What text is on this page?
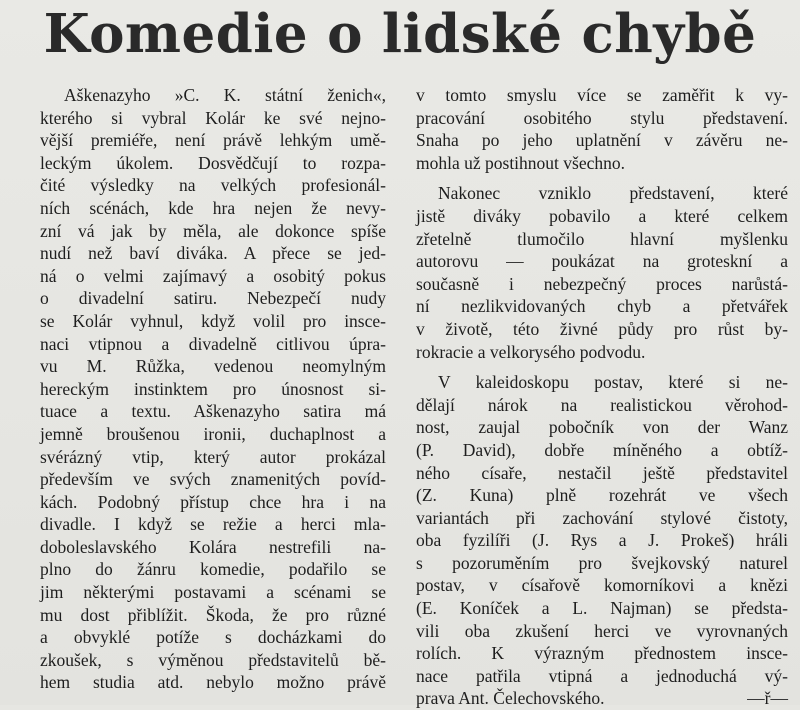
Komedie o lidské chybě

Aškenazyho »C. K. státní ženich«,
kterého si vybral Kolár ke své nejno-
vější premiéře, není právě lehkým umě-
leckým úkolem. Dosvědčují to rozpa-
čité výsledky na velkých profesionál-
ních scénách, kde hra nejen že nevy-
zní vá jak by měla, ale dokonce spíše
nudí než baví diváka. A přece se jed-
ná o velmi zajímavý a osobitý pokus
o divadelní satiru. Nebezpečí nudy
se Kolár vyhnul, když volil pro inscе-
naci vtipnou a divadelně citlivou úpra-
vu M. Růžka, vedenou neomylným
hereckým instinktem pro únosnost si-
tuace a textu. Aškenazyho satira má
jemně broušenou ironii, duchaplnost a
svérázný vtip, který autor prokázal
především ve svých znamenitých povíd-
kách. Podobný přístup chce hra i na
divadle. I když se režie a herci mla-
doboleslavského Kolára nestrefili na-
plno do žánru komedie, podařilo se
jim některými postavami a scénami se
mu dost přiblížit. Škoda, že pro různé
a obvyklé potíže s docházkami do
zkoušek, s výměnou představitelů bě-
hem studia atd. nebylo možno právě

v tomto smyslu více se zaměřit k vy-
pracování osobitého stylu představení.
Snaha po jeho uplatnění v závěru ne-
mohla už postihnout všechno.

Nakonec vzniklo představení, které
jistě diváky pobavilo a které celkem
zřetelně tlumočilo hlavní myšlenku
autorovu — poukázat na groteskní a
současně i nebezpečný proces narůstá-
ní nezlikvidovaných chyb a přetvářek
v životě, této živné půdy pro růst by-
rokracie a velkorysého podvodu.

V kaleidoskopu postav, které si ne-
dělají nárok na realistickou věrohod-
nost, zaujal pobočník von der Wanz
(P. David), dobře míněného a obtíž-
ného císaře, nestačil ještě představitel
(Z. Kuna) plně rozehrát ve všech
variantách při zachování stylové čistoty,
oba fyzilíři (J. Rys a J. Prokeš) hráli
s pozoruměním pro švejkovský naturel
postav, v císařově komorníkovi a knězi
(E. Koníček a L. Najman) se předsta-
vili oba zkušení herci ve vyrovnaných
rolích. K výrazným přednostem insce-
nace patřila vtipná a jednoduchá vý-
prava Ant. Čelechovského.	—ř—
